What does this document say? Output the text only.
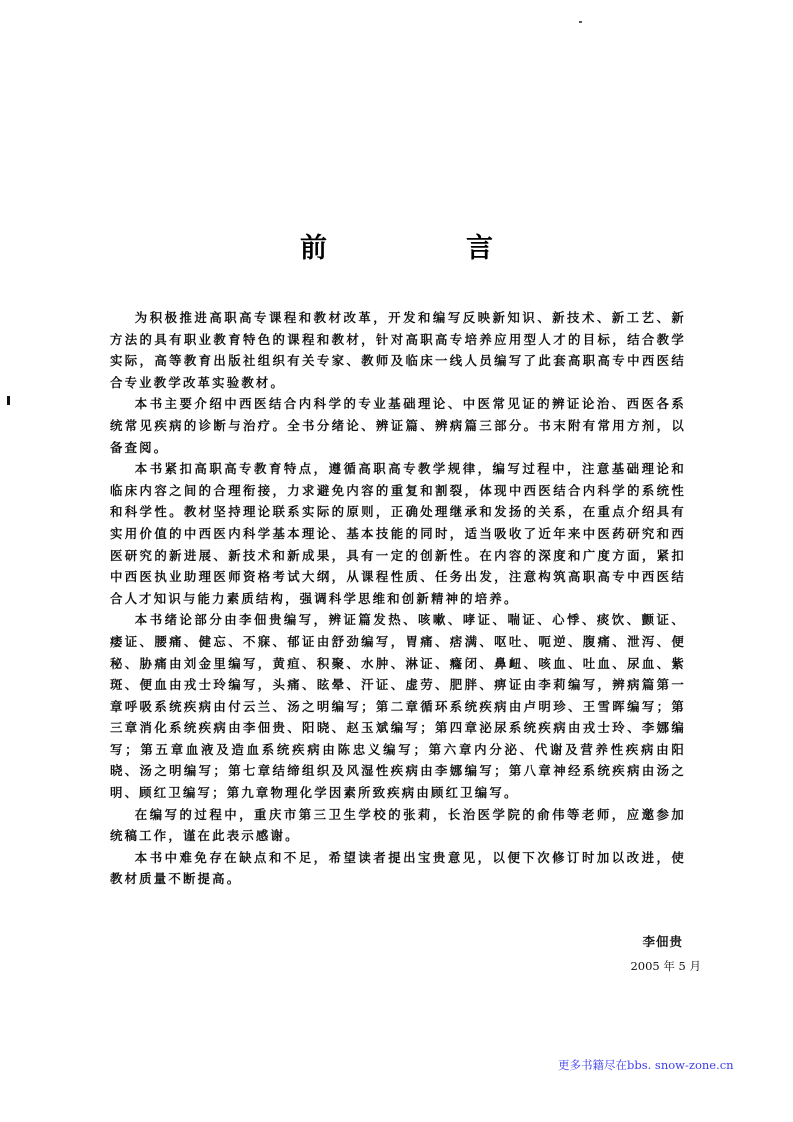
前　言

为积极推进高职高专课程和教材改革，开发和编写反映新知识、新技术、新工艺、新方法的具有职业教育特色的课程和教材，针对高职高专培养应用型人才的目标，结合教学实际，高等教育出版社组织有关专家、教师及临床一线人员编写了此套高职高专中西医结合专业教学改革实验教材。

本书主要介绍中西医结合内科学的专业基础理论、中医常见证的辨证论治、西医各系统常见疾病的诊断与治疗。全书分绪论、辨证篇、辨病篇三部分。书末附有常用方剂，以备查阅。

本书紧扣高职高专教育特点，遵循高职高专教学规律，编写过程中，注意基础理论和临床内容之间的合理衔接，力求避免内容的重复和割裂，体现中西医结合内科学的系统性和科学性。教材坚持理论联系实际的原则，正确处理继承和发扬的关系，在重点介绍具有实用价值的中西医内科学基本理论、基本技能的同时，适当吸收了近年来中医药研究和西医研究的新进展、新技术和新成果，具有一定的创新性。在内容的深度和广度方面，紧扣中西医执业助理医师资格考试大纲，从课程性质、任务出发，注意构筑高职高专中西医结合人才知识与能力素质结构，强调科学思维和创新精神的培养。

本书绪论部分由李佃贵编写，辨证篇发热、咳嗽、哮证、喘证、心悸、痰饮、颤证、痿证、腰痛、健忘、不寐、郁证由舒劲编写，胃痛、痞满、呕吐、呃逆、腹痛、泄泻、便秘、胁痛由刘金里编写，黄疸、积聚、水肿、淋证、癃闭、鼻衄、咳血、吐血、尿血、紫斑、便血由戎士玲编写，头痛、眩晕、汗证、虚劳、肥胖、痹证由李莉编写，辨病篇第一章呼吸系统疾病由付云兰、汤之明编写；第二章循环系统疾病由卢明珍、王雪晖编写；第三章消化系统疾病由李佃贵、阳晓、赵玉斌编写；第四章泌尿系统疾病由戎士玲、李娜编写；第五章血液及造血系统疾病由陈忠义编写；第六章内分泌、代谢及营养性疾病由阳晓、汤之明编写；第七章结缔组织及风湿性疾病由李娜编写；第八章神经系统疾病由汤之明、顾红卫编写；第九章物理化学因素所致疾病由顾红卫编写。

在编写的过程中，重庆市第三卫生学校的张莉，长治医学院的俞伟等老师，应邀参加统稿工作，谨在此表示感谢。

本书中难免存在缺点和不足，希望读者提出宝贵意见，以便下次修订时加以改进，使教材质量不断提高。

李佃贵
2005 年 5 月
更多书籍尽在bbs. snow-zone.cn
